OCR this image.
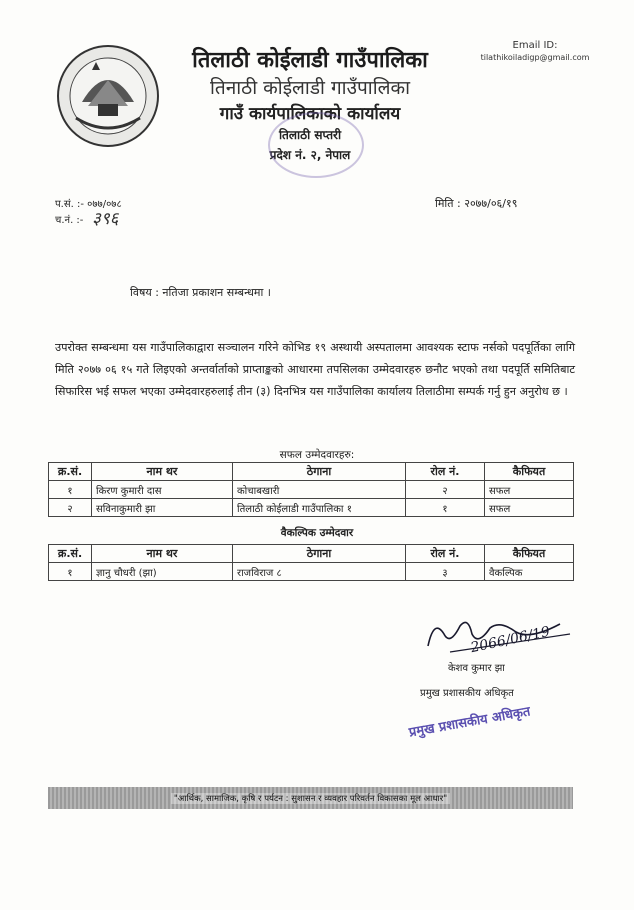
तिलाठी कोईलाडी गाउँपालिका
तिनाठी कोईलाडी गाउँपालिका
गाउँ कार्यपालिकाको कार्यालय
तिलाठी सप्तरी
प्रदेश नं. २, नेपाल
Email ID:
tilathikoiladigp@gmail.com
प.सं. :- ०७७/०७८
च.नं. :- ३९६
मिति : २०७७/०६/१९
विषय : नतिजा प्रकाशन सम्बन्धमा ।
उपरोक्त सम्बन्धमा यस गाउँपालिकाद्वारा सञ्चालन गरिने कोभिड १९ अस्थायी अस्पतालमा आवश्यक स्टाफ नर्सको पदपूर्तिका लागि मिति २०७७ ०६ १५ गते लिइएको अन्तर्वार्ताको प्राप्ताङ्कको आधारमा तपसिलका उम्मेदवारहरु छनौट भएको तथा पदपूर्ति समितिबाट सिफारिस भई सफल भएका उम्मेदवारहरुलाई तीन (३) दिनभित्र यस गाउँपालिका कार्यालय तिलाठीमा सम्पर्क गर्नु हुन अनुरोध छ ।
सफल उम्मेदवारहरु:
क्र.सं.	नाम थर	ठेगाना	रोल नं.	कैफियत
१	किरण कुमारी दास	कोचाबखारी	२	सफल
२	सविनाकुमारी झा	तिलाठी कोईलाडी गाउँपालिका १	१	सफल
वैकल्पिक उम्मेदवार
क्र.सं.	नाम थर	ठेगाना	रोल नं.	कैफियत
१	ज्ञानु चौधरी (झा)	राजविराज ८	३	वैकल्पिक
2066/06/19
केशव कुमार झा
प्रमुख प्रशासकीय अधिकृत
प्रमुख प्रशासकीय अधिकृत
"आर्थिक, सामाजिक, कृषि र पर्यटन : सुशासन र व्यवहार परिवर्तन विकासका मूल आधार"
